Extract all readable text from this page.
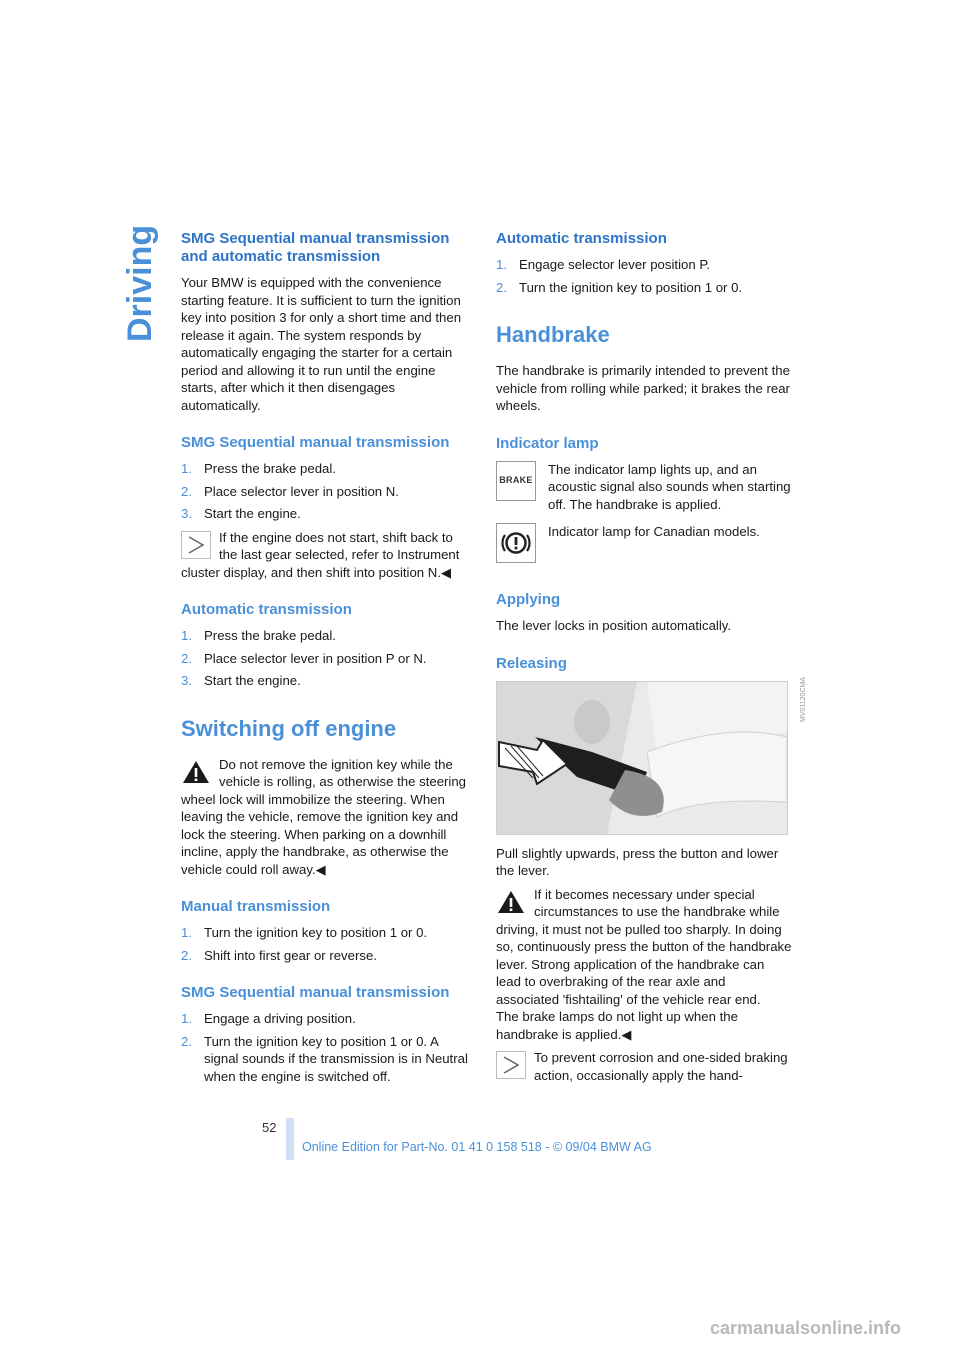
Driving SMG Sequential manual transmission and automatic transmission

Your BMW is equipped with the convenience starting feature. It is sufficient to turn the ignition key into position 3 for only a short time and then release it again. The system responds by automatically engaging the starter for a certain period and allowing it to run until the engine starts, after which it then disengages automatically.

SMG Sequential manual transmission
1. Press the brake pedal.
2. Place selector lever in position N.
3. Start the engine.
If the engine does not start, shift back to the last gear selected, refer to Instrument cluster display, and then shift into position N.◀
Automatic transmission
1. Press the brake pedal.
2. Place selector lever in position P or N.
3. Start the engine.
Switching off engine
Do not remove the ignition key while the vehicle is rolling, as otherwise the steering wheel lock will immobilize the steering. When leaving the vehicle, remove the ignition key and lock the steering. When parking on a downhill incline, apply the handbrake, as otherwise the vehicle could roll away.◀
Manual transmission
1. Turn the ignition key to position 1 or 0.
2. Shift into first gear or reverse.
SMG Sequential manual transmission
1. Engage a driving position.
2. Turn the ignition key to position 1 or 0. A signal sounds if the transmission is in Neutral when the engine is switched off.
Automatic transmission
1. Engage selector lever position P.
2. Turn the ignition key to position 1 or 0.
Handbrake

The handbrake is primarily intended to prevent the vehicle from rolling while parked; it brakes the rear wheels.

Indicator lamp
BRAKE
The indicator lamp lights up, and an acoustic signal also sounds when starting off. The handbrake is applied.
Indicator lamp for Canadian models.
Applying

The lever locks in position automatically.

Releasing

Pull slightly upwards, press the button and lower the lever.

If it becomes necessary under special circumstances to use the handbrake while driving, it must not be pulled too sharply. In doing so, continuously press the button of the handbrake lever. Strong application of the handbrake can lead to overbraking of the rear axle and associated 'fishtailing' of the vehicle rear end.
The brake lamps do not light up when the handbrake is applied.◀
To prevent corrosion and one-sided braking action, occasionally apply the hand-
MV01120CMA
52
Online Edition for Part-No. 01 41 0 158 518 - © 09/04 BMW AG
carmanualsonline.info
